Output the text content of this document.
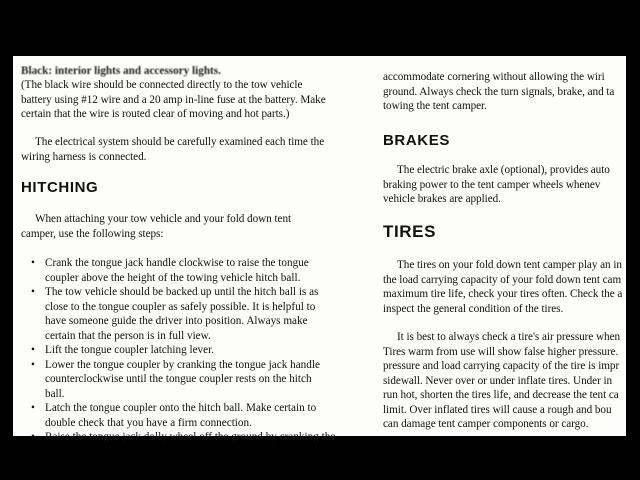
Black: interior lights and accessory lights.
(The black wire should be connected directly to the tow vehicle
battery using #12 wire and a 20 amp in-line fuse at the battery. Make
certain that the wire is routed clear of moving and hot parts.)
The electrical system should be carefully examined each time the
wiring harness is connected.
HITCHING
When attaching your tow vehicle and your fold down tent
camper, use the following steps:
• Crank the tongue jack handle clockwise to raise the tongue
coupler above the height of the towing vehicle hitch ball.
• The tow vehicle should be backed up until the hitch ball is as
close to the tongue coupler as safely possible. It is helpful to
have someone guide the driver into position. Always make
certain that the person is in full view.
• Lift the tongue coupler latching lever.
• Lower the tongue coupler by cranking the tongue jack handle
counterclockwise until the tongue coupler rests on the hitch
ball.
• Latch the tongue coupler onto the hitch ball. Make certain to
double check that you have a firm connection.
• Raise the tongue jack dolly wheel off the ground by cranking the
accommodate cornering without allowing the wiri
ground. Always check the turn signals, brake, and ta
towing the tent camper.
BRAKES
The electric brake axle (optional), provides auto
braking power to the tent camper wheels whenev
vehicle brakes are applied.
TIRES
The tires on your fold down tent camper play an in
the load carrying capacity of your fold down tent cam
maximum tire life, check your tires often. Check the a
inspect the general condition of the tires.
It is best to always check a tire's air pressure when
Tires warm from use will show false higher pressure.
pressure and load carrying capacity of the tire is impr
sidewall. Never over or under inflate tires. Under in
run hot, shorten the tires life, and decrease the tent ca
limit. Over inflated tires will cause a rough and bou
can damage tent camper components or cargo.
